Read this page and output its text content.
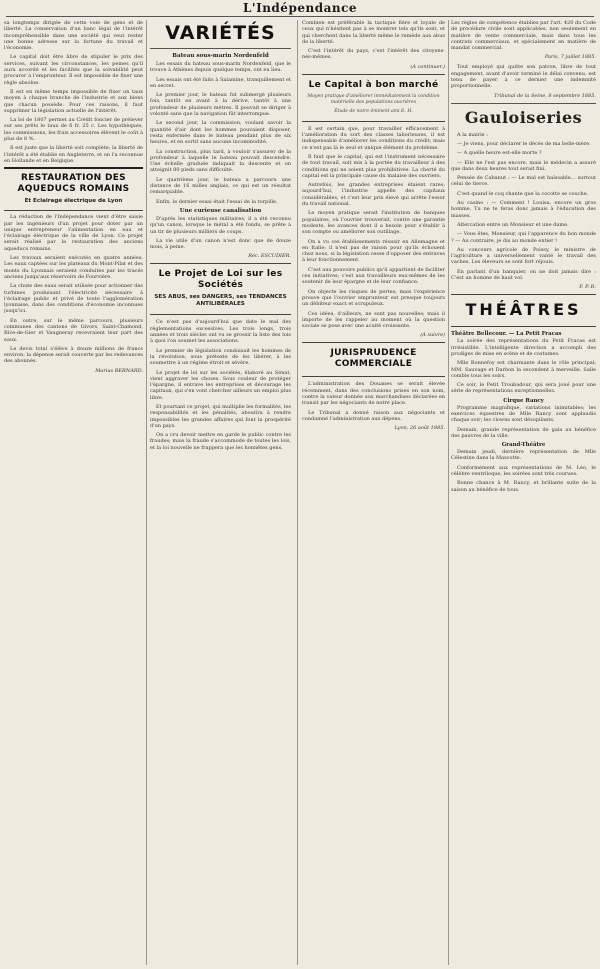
L'Indépendance

sa longtemps dirigée de cette voie de gens et de liberté. La conservation d'un banc légal de l'intérêt incompréhensible dans une société qui veut rester une bonne adresse sur la fortune du travail et l'économie.

Le capital doit être libre de stipuler le prix des services, suivant les circonstances, les peines qu'il aura accordé et les facilités que la solvabilité peut procurer à l'emprunteur. Il est impossible de fixer une règle absolue.

Il est en même temps impossible de fixer un taux moyen à chaque branche de l'industrie et aux biens que chacun possède. Pour ces raisons, il faut supprimer la législation actuelle de l'intérêt.

La loi de 1807 permet au Crédit foncier de prélever sur ses prêts le taux de 6 fr. 25 c. Les hypothèques, les commissions, les frais accessoires élèvent le coût à plus de 8 %.

Il est juste que la liberté soit complète; la liberté de l'intérêt a été établie en Angleterre, et on l'a reconnue en Hollande et en Belgique.

RESTAURATION DES AQUEDUCS ROMAINS
Et Eclairage électrique de Lyon

La rédaction de l'Indépendance vient d'être saisie par les ingénieurs d'un projet pour doter par un unique entrepreneur l'alimentation en eau et l'éclairage électrique de la ville de Lyon. Ce projet serait réalisé par la restauration des anciens aqueducs romains.

Les travaux seraient exécutés en quatre années. Les eaux captées sur les plateaux du Mont-Pilat et des monts du Lyonnais seraient conduites par les tracés anciens jusqu'aux réservoirs de Fourvière.

La chute des eaux serait utilisée pour actionner des turbines produisant l'électricité nécessaire à l'éclairage public et privé de toute l'agglomération lyonnaise, dans des conditions d'économie inconnues jusqu'ici.

En outre, sur le même parcours, plusieurs communes des cantons de Givors, Saint-Chamond, Rive-de-Gier et Vaugneray recevraient leur part des eaux.

Le devis total s'élève à douze millions de francs environ; la dépense serait couverte par les redevances des abonnés.

Marius BERNARD.
VARIÉTÉS
Bateau sous-marin Nordenfeld

Les essais du bateau sous-marin Nordenfeld, que le trouve à Athènes depuis quelque temps, ont eu lieu.

Les essais ont été faits à Salamine, tranquillement et en secret.

Le premier jour, le bateau fut submergé plusieurs fois, tantôt en avant à la dérive, tantôt à une profondeur de plusieurs mètres. Il pouvait se diriger à volonté sans que la navigation fût interrompue.

Le second jour, la commission, voulant savoir la quantité d'air dont les hommes pouvaient disposer, resta enfermée dans le bateau pendant plus de six heures, et en sortit sans aucune incommodité.

La construction, plus tard, à vouloir s'assurer de la profondeur à laquelle le bateau pouvait descendre. Une échelle graduée indiquait la descente et on atteignit 80 pieds sans difficulté.

Le quatrième jour, le bateau a parcouru une distance de 16 milles anglais, ce qui est un résultat remarquable.

Enfin, le dernier essai était l'essai de la torpille.

Une curieuse canalisation

D'après les statistiques militaires, il a été reconnu qu'un canon, lorsque le métal a été fondu, se prête à un tir de plusieurs milliers de coups.

La vie utile d'un canon n'est donc que de douze mois, à peine.

Réc. ESCUDIER.
Le Projet de Loi sur les Sociétés
SES ABUS, ses DANGERS, ses TENDANCES ANTILIBÉRALES

Ce n'est pas d'aujourd'hui que date le mal des réglementations excessives. Les trois longs, trois années et trois siècles ont vu se grossir la liste des lois à quoi l'on soumet les associations.

Le premier de législation conduisait les hommes de la révolution, sous prétexte de les libérer, à les soumettre à un régime étroit et sévère.

Le projet de loi sur les sociétés, élaboré au Sénat, vient aggraver les choses. Sous couleur de protéger l'épargne, il entrave les entreprises et décourage les capitaux, qui s'en vont chercher ailleurs un emploi plus libre.

Et pourtant ce projet, qui multiplie les formalités, les responsabilités et les pénalités, aboutira à rendre impossibles les grandes affaires qui font la prospérité d'un pays.

On a cru devoir mettre en garde le public contre les fraudes; mais la fraude s'accommode de toutes les lois, et la loi nouvelle ne frappera que les honnêtes gens.

Combien est préférable la tactique fière et loyale de ceux qui n'hésitent pas à se montrer tels qu'ils sont, et qui cherchent dans la liberté même le remède aux abus de la liberté.

C'est l'intérêt du pays, c'est l'intérêt des citoyens-nés-mêmes.

(A continuer.)
Le Capital à bon marché
Moyen pratique d'améliorer immédiatement la condition matérielle des populations ouvrières
Étude de notre éminent ami E. H.

Il est certain que, pour travailler efficacement à l'amélioration du sort des classes laborieuses, il est indispensable d'améliorer les conditions du crédit; mais ce n'est pas là le seul et unique élément du problème.

Il faut que le capital, qui est l'instrument nécessaire de tout travail, soit mis à la portée du travailleur à des conditions qui ne soient plus prohibitives. La cherté du capital est la principale cause du malaise des ouvriers.

Autrefois, les grandes entreprises étaient rares; aujourd'hui, l'industrie appelle des capitaux considérables, et c'est leur prix élevé qui arrête l'essor du travail national.

Le moyen pratique serait l'institution de banques populaires, où l'ouvrier trouverait, contre une garantie modeste, les avances dont il a besoin pour s'établir à son compte ou améliorer son outillage.

On a vu ces établissements réussir en Allemagne et en Italie; il n'est pas de raison pour qu'ils échouent chez nous, si la législation cesse d'opposer des entraves à leur fonctionnement.

C'est aux pouvoirs publics qu'il appartient de faciliter ces initiatives; c'est aux travailleurs eux-mêmes de les soutenir de leur épargne et de leur confiance.

On objecte les risques de pertes; mais l'expérience prouve que l'ouvrier emprunteur est presque toujours un débiteur exact et scrupuleux.

Ces idées, d'ailleurs, ne sont pas nouvelles; mais il importe de les rappeler au moment où la question sociale se pose avec une acuité croissante.

(A suivre)
JURISPRUDENCE COMMERCIALE

L'administration des Douanes se serait élevée récemment, dans des conclusions prises en son nom, contre la valeur donnée aux marchandises déclarées en transit par les négociants de notre place.

Le Tribunal a donné raison aux négociants et condamné l'administration aux dépens.

Lyon, 26 août 1885.

Les règles de compétence établies par l'art. 420 du Code de procédure civile sont applicables, non seulement en matière de vente commerciale, mais dans tous les contrats commerciaux, et spécialement en matière de mandat commercial.

Paris, 7 juillet 1885.

Tout employé qui quitte son patron, libre de tout engagement, avant d'avoir terminé le délai convenu, est tenu de payer à ce dernier une indemnité proportionnelle.

Tribunal de la Seine, 8 septembre 1885.
Gauloiseries

A la mairie :

— Je viens, pour déclarer le décès de ma belle-mère.

— A quelle heure est-elle morte ?

— Elle ne l'est pas encore, mais le médecin a assuré que dans deux heures tout serait fini.

Pensée de Cabanut : — Le mal est haïssable… surtout celui de tierce.

C'est quand le coq chante que la cocotte se couche.

Au casino : — Comment ! Louisa, encore un gros homme. Tu ne te feras donc jamais à l'éducation des masses.

Altercation entre un Monsieur et une dame.

— Vous êtes, Monsieur, qui l'apparence du bon monde ? — Au contraire, je dis au monde entier !

Au concours agricole de Poissy, le ministre de l'agriculture a universellement vanté le travail des vaches. Les éleveurs se sont fort réjouis.

En parlant d'un banquier, on ne doit jamais dire : C'est un homme de haut vol.

F. P. R.
THÉÂTRES
Théâtre Bellecour. — La Petit Fracas

La soirée des représentations du Petit Fracas est irrésistible. L'intelligente direction a accompli des prodiges de mise en scène et de costumes.

Mlle Bonnefoy est charmante dans le rôle principal; MM. Sauvage et Darbon la secondent à merveille. Salle comble tous les soirs.

Ce soir, le Petit Troubadour, qui sera joué pour une série de représentations exceptionnelles.

Cirque Rancy

Programme magnifique, variations inimitables; les exercices équestres de Mlle Rancy sont applaudis chaque soir; les clowns sont désopilants.

Demain, grande représentation de gala au bénéfice des pauvres de la ville.

Grand-Théâtre

Demain jeudi, dernière représentation de Mlle Célestine dans la Mascotte.

Conformément aux représentations de M. Léo, le célèbre ventriloque, les soirées sont très courues.

Bonne chance à M. Rancy, et brillante suite de la saison au bénéfice de tous.
